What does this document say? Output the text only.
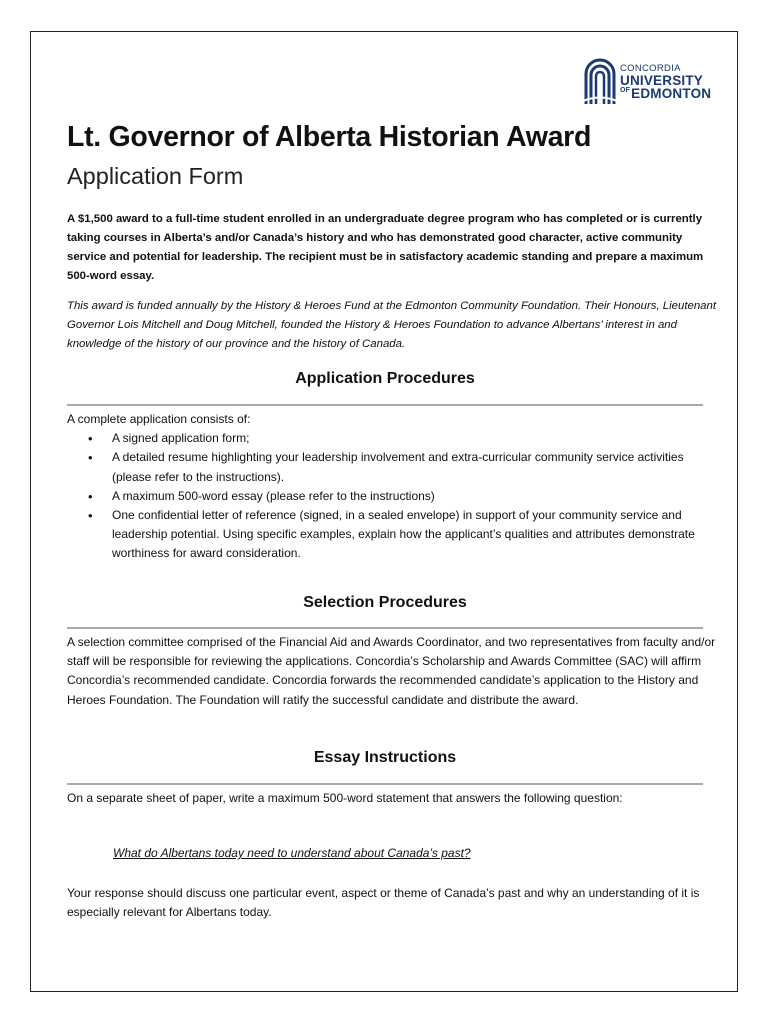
CONCORDIA
UNIVERSITY
$^{OF}$EDMONTON
Lt. Governor of Alberta Historian Award
Application Form
A $1,500 award to a full-time student enrolled in an undergraduate degree program who has completed or is currently taking courses in Alberta’s and/or Canada’s history and who has demonstrated good character, active community service and potential for leadership. The recipient must be in satisfactory academic standing and prepare a maximum 500-word essay.
This award is funded annually by the History & Heroes Fund at the Edmonton Community Foundation. Their Honours, Lieutenant Governor Lois Mitchell and Doug Mitchell, founded the History & Heroes Foundation to advance Albertans’ interest in and knowledge of the history of our province and the history of Canada.
Application Procedures
A complete application consists of:
• A signed application form;
• A detailed resume highlighting your leadership involvement and extra-curricular community service activities (please refer to the instructions).
• A maximum 500-word essay (please refer to the instructions)
• One confidential letter of reference (signed, in a sealed envelope) in support of your community service and leadership potential. Using specific examples, explain how the applicant’s qualities and attributes demonstrate worthiness for award consideration.
Selection Procedures
A selection committee comprised of the Financial Aid and Awards Coordinator, and two representatives from faculty and/or staff will be responsible for reviewing the applications. Concordia’s Scholarship and Awards Committee (SAC) will affirm Concordia’s recommended candidate. Concordia forwards the recommended candidate’s application to the History and Heroes Foundation. The Foundation will ratify the successful candidate and distribute the award.
Essay Instructions
On a separate sheet of paper, write a maximum 500-word statement that answers the following question:
What do Albertans today need to understand about Canada’s past?
Your response should discuss one particular event, aspect or theme of Canada’s past and why an understanding of it is especially relevant for Albertans today.
